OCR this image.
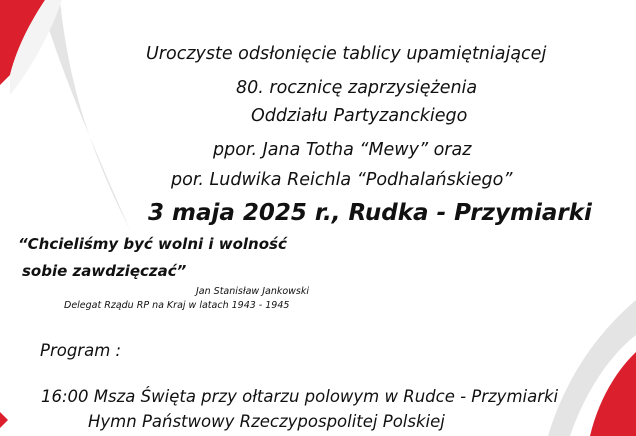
Uroczyste odsłonięcie tablicy upamiętniającej

80. rocznicę zaprzysiężenia

Oddziału Partyzanckiego

ppor. Jana Totha “Mewy” oraz

por. Ludwika Reichla “Podhalańskiego”

3 maja 2025 r., Rudka - Przymiarki

“Chcieliśmy być wolni i wolność

sobie zawdzięczać”

Jan Stanisław Jankowski

Delegat Rządu RP na Kraj w latach 1943 - 1945

Program :

16:00 Msza Święta przy ołtarzu polowym w Rudce - Przymiarki

Hymn Państwowy Rzeczypospolitej Polskiej
